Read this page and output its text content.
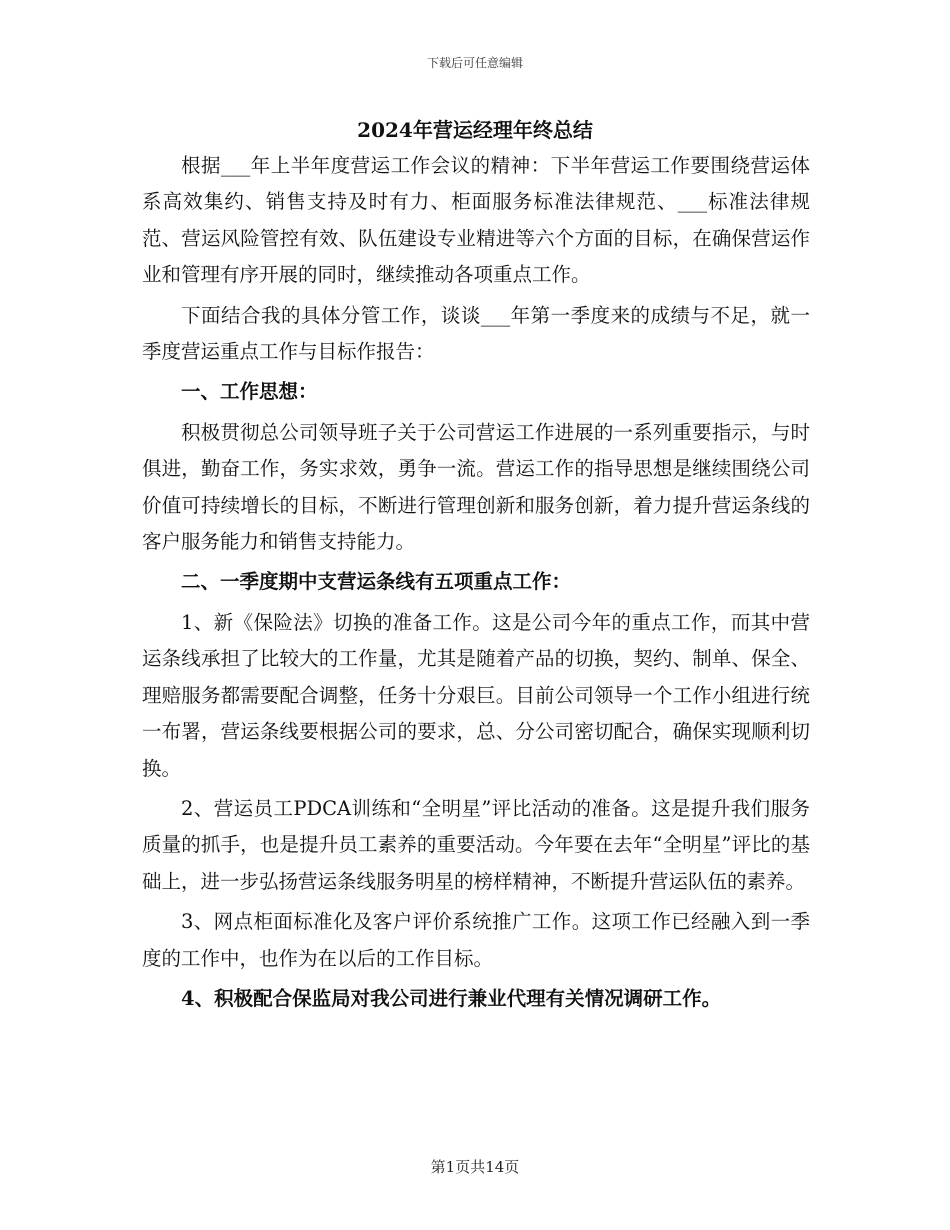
下载后可任意编辑
2024年营运经理年终总结

根据___年上半年度营运工作会议的精神：下半年营运工作要围绕营运体系高效集约、销售支持及时有力、柜面服务标准法律规范、___标准法律规范、营运风险管控有效、队伍建设专业精进等六个方面的目标，在确保营运作业和管理有序开展的同时，继续推动各项重点工作。

下面结合我的具体分管工作，谈谈___年第一季度来的成绩与不足，就一季度营运重点工作与目标作报告：

一、工作思想：

积极贯彻总公司领导班子关于公司营运工作进展的一系列重要指示，与时俱进，勤奋工作，务实求效，勇争一流。营运工作的指导思想是继续围绕公司价值可持续增长的目标，不断进行管理创新和服务创新，着力提升营运条线的客户服务能力和销售支持能力。

二、一季度期中支营运条线有五项重点工作：

1、新《保险法》切换的准备工作。这是公司今年的重点工作，而其中营运条线承担了比较大的工作量，尤其是随着产品的切换，契约、制单、保全、理赔服务都需要配合调整，任务十分艰巨。目前公司领导一个工作小组进行统一布署，营运条线要根据公司的要求，总、分公司密切配合，确保实现顺利切换。

2、营运员工PDCA训练和“全明星”评比活动的准备。这是提升我们服务质量的抓手，也是提升员工素养的重要活动。今年要在去年“全明星”评比的基础上，进一步弘扬营运条线服务明星的榜样精神，不断提升营运队伍的素养。

3、网点柜面标准化及客户评价系统推广工作。这项工作已经融入到一季度的工作中，也作为在以后的工作目标。

4、积极配合保监局对我公司进行兼业代理有关情况调研工作。

第1页共14页
